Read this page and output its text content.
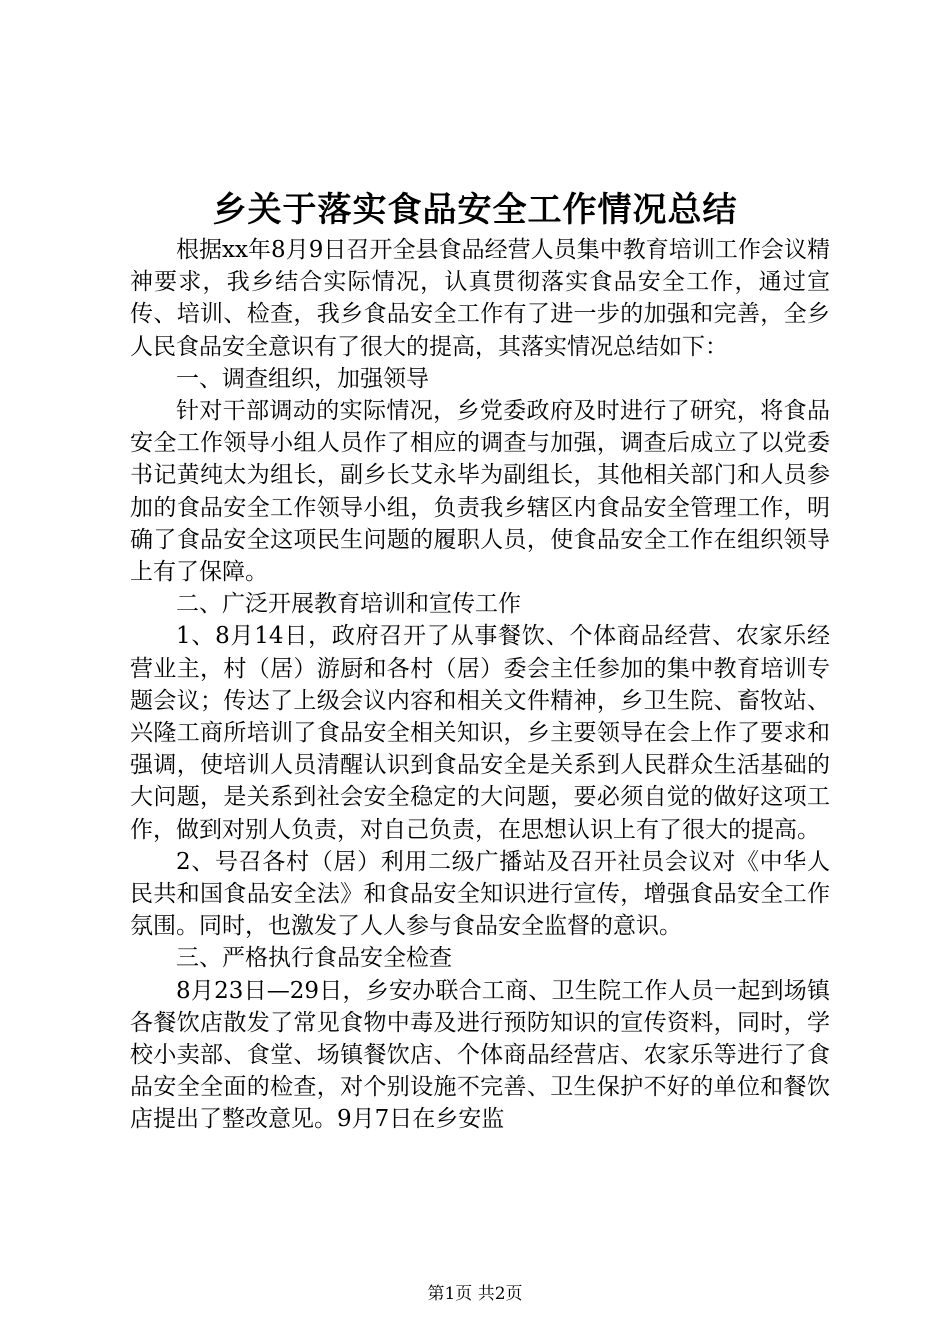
乡关于落实食品安全工作情况总结

根据xx年8月9日召开全县食品经营人员集中教育培训工作会议精神要求，我乡结合实际情况，认真贯彻落实食品安全工作，通过宣传、培训、检查，我乡食品安全工作有了进一步的加强和完善，全乡人民食品安全意识有了很大的提高，其落实情况总结如下：

一、调查组织，加强领导

针对干部调动的实际情况，乡党委政府及时进行了研究，将食品安全工作领导小组人员作了相应的调查与加强，调查后成立了以党委书记黄纯太为组长，副乡长艾永毕为副组长，其他相关部门和人员参加的食品安全工作领导小组，负责我乡辖区内食品安全管理工作，明确了食品安全这项民生问题的履职人员，使食品安全工作在组织领导上有了保障。

二、广泛开展教育培训和宣传工作

1、8月14日，政府召开了从事餐饮、个体商品经营、农家乐经营业主，村（居）游厨和各村（居）委会主任参加的集中教育培训专题会议；传达了上级会议内容和相关文件精神，乡卫生院、畜牧站、兴隆工商所培训了食品安全相关知识，乡主要领导在会上作了要求和强调，使培训人员清醒认识到食品安全是关系到人民群众生活基础的大问题，是关系到社会安全稳定的大问题，要必须自觉的做好这项工作，做到对别人负责，对自己负责，在思想认识上有了很大的提高。

2、号召各村（居）利用二级广播站及召开社员会议对《中华人民共和国食品安全法》和食品安全知识进行宣传，增强食品安全工作氛围。同时，也激发了人人参与食品安全监督的意识。

三、严格执行食品安全检查

8月23日—29日，乡安办联合工商、卫生院工作人员一起到场镇各餐饮店散发了常见食物中毒及进行预防知识的宣传资料，同时，学校小卖部、食堂、场镇餐饮店、个体商品经营店、农家乐等进行了食品安全全面的检查，对个别设施不完善、卫生保护不好的单位和餐饮店提出了整改意见。9月7日在乡安监

第1页 共2页
